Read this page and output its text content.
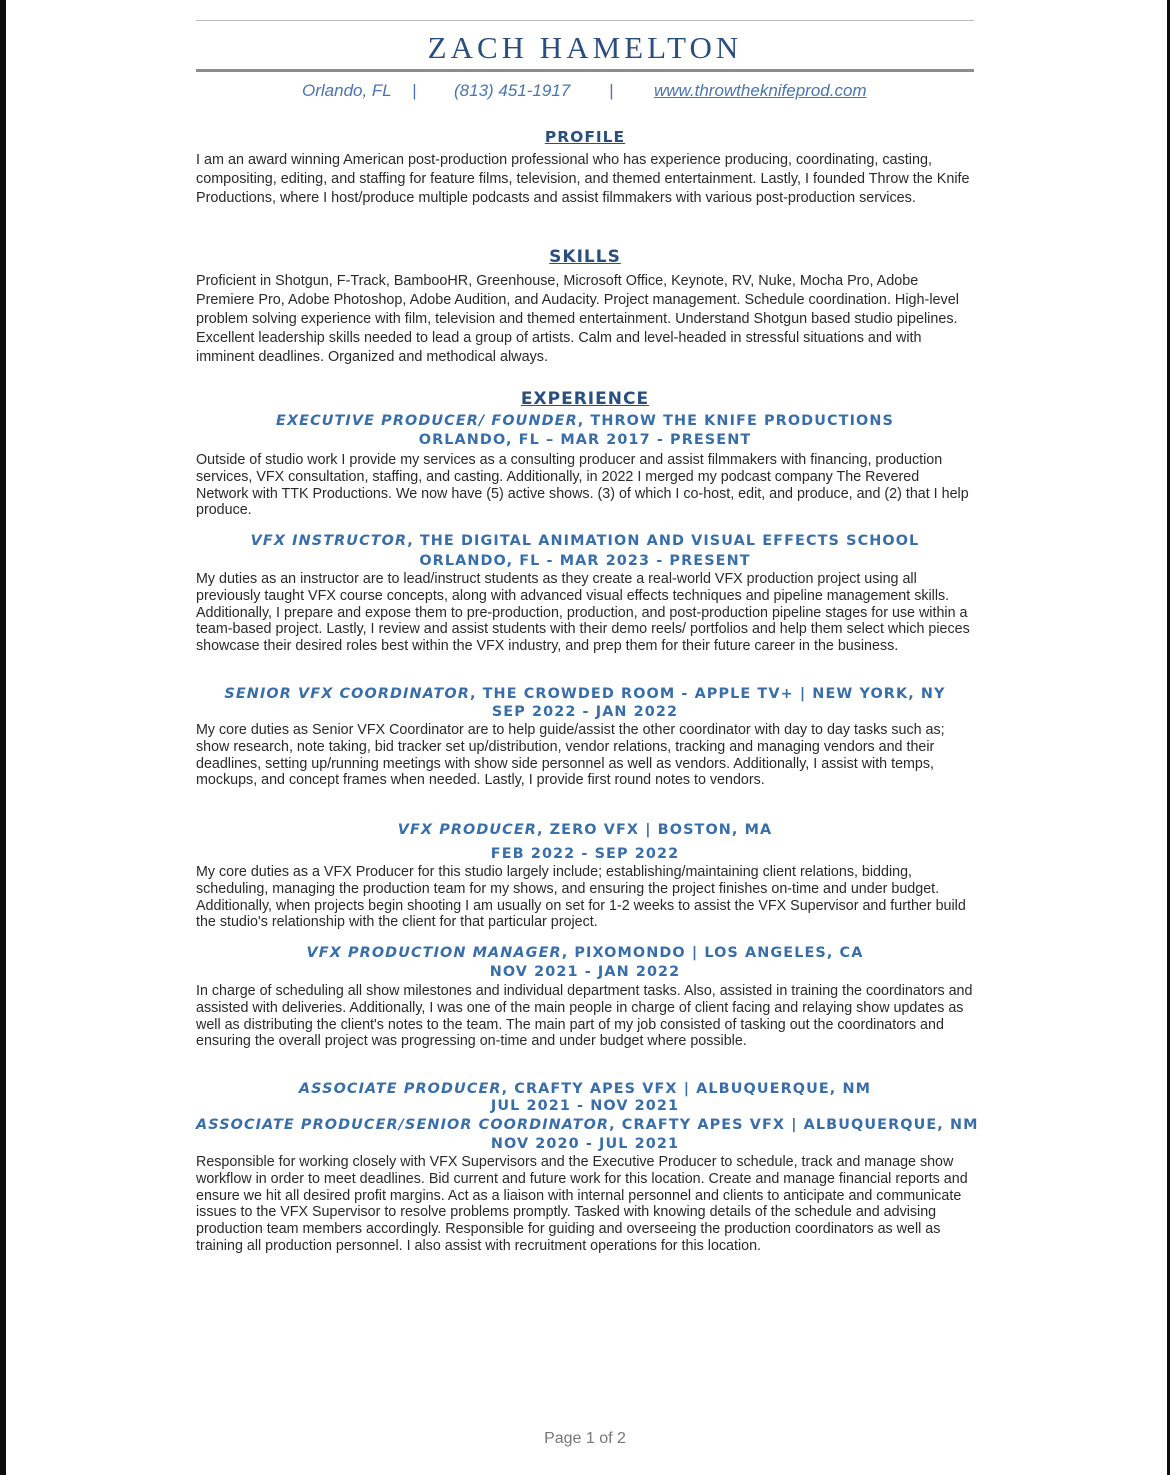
ZACH HAMELTON
Orlando, FL | (813) 451-1917 | www.throwtheknifeprod.com
PROFILE
I am an award winning American post-production professional who has experience producing, coordinating, casting, compositing, editing, and staffing for feature films, television, and themed entertainment. Lastly, I founded Throw the Knife Productions, where I host/produce multiple podcasts and assist filmmakers with various post-production services.
SKILLS
Proficient in Shotgun, F-Track, BambooHR, Greenhouse, Microsoft Office, Keynote, RV, Nuke, Mocha Pro, Adobe Premiere Pro, Adobe Photoshop, Adobe Audition, and Audacity. Project management. Schedule coordination. High-level problem solving experience with film, television and themed entertainment. Understand Shotgun based studio pipelines. Excellent leadership skills needed to lead a group of artists. Calm and level-headed in stressful situations and with imminent deadlines. Organized and methodical always.
EXPERIENCE
EXECUTIVE PRODUCER/ FOUNDER, THROW THE KNIFE PRODUCTIONS
ORLANDO, FL – MAR 2017 - PRESENT
Outside of studio work I provide my services as a consulting producer and assist filmmakers with financing, production services, VFX consultation, staffing, and casting. Additionally, in 2022 I merged my podcast company The Revered Network with TTK Productions. We now have (5) active shows. (3) of which I co-host, edit, and produce, and (2) that I help produce.
VFX INSTRUCTOR, THE DIGITAL ANIMATION AND VISUAL EFFECTS SCHOOL
ORLANDO, FL - MAR 2023 - PRESENT
My duties as an instructor are to lead/instruct students as they create a real-world VFX production project using all previously taught VFX course concepts, along with advanced visual effects techniques and pipeline management skills. Additionally, I prepare and expose them to pre-production, production, and post-production pipeline stages for use within a team-based project. Lastly, I review and assist students with their demo reels/ portfolios and help them select which pieces showcase their desired roles best within the VFX industry, and prep them for their future career in the business.
SENIOR VFX COORDINATOR, THE CROWDED ROOM - APPLE TV+ | NEW YORK, NY
SEP 2022 - JAN 2022
My core duties as Senior VFX Coordinator are to help guide/assist the other coordinator with day to day tasks such as; show research, note taking, bid tracker set up/distribution, vendor relations, tracking and managing vendors and their deadlines, setting up/running meetings with show side personnel as well as vendors. Additionally, I assist with temps, mockups, and concept frames when needed. Lastly, I provide first round notes to vendors.
VFX PRODUCER, ZERO VFX | BOSTON, MA
FEB 2022 - SEP 2022
My core duties as a VFX Producer for this studio largely include; establishing/maintaining client relations, bidding, scheduling, managing the production team for my shows, and ensuring the project finishes on-time and under budget. Additionally, when projects begin shooting I am usually on set for 1-2 weeks to assist the VFX Supervisor and further build the studio's relationship with the client for that particular project.
VFX PRODUCTION MANAGER, PIXOMONDO | LOS ANGELES, CA
NOV 2021 - JAN 2022
In charge of scheduling all show milestones and individual department tasks. Also, assisted in training the coordinators and assisted with deliveries. Additionally, I was one of the main people in charge of client facing and relaying show updates as well as distributing the client's notes to the team. The main part of my job consisted of tasking out the coordinators and ensuring the overall project was progressing on-time and under budget where possible.
ASSOCIATE PRODUCER, CRAFTY APES VFX | ALBUQUERQUE, NM
JUL 2021 - NOV 2021
ASSOCIATE PRODUCER/SENIOR COORDINATOR, CRAFTY APES VFX | ALBUQUERQUE, NM
NOV 2020 - JUL 2021
Responsible for working closely with VFX Supervisors and the Executive Producer to schedule, track and manage show workflow in order to meet deadlines. Bid current and future work for this location. Create and manage financial reports and ensure we hit all desired profit margins. Act as a liaison with internal personnel and clients to anticipate and communicate issues to the VFX Supervisor to resolve problems promptly. Tasked with knowing details of the schedule and advising production team members accordingly. Responsible for guiding and overseeing the production coordinators as well as training all production personnel. I also assist with recruitment operations for this location.
Page 1 of 2
